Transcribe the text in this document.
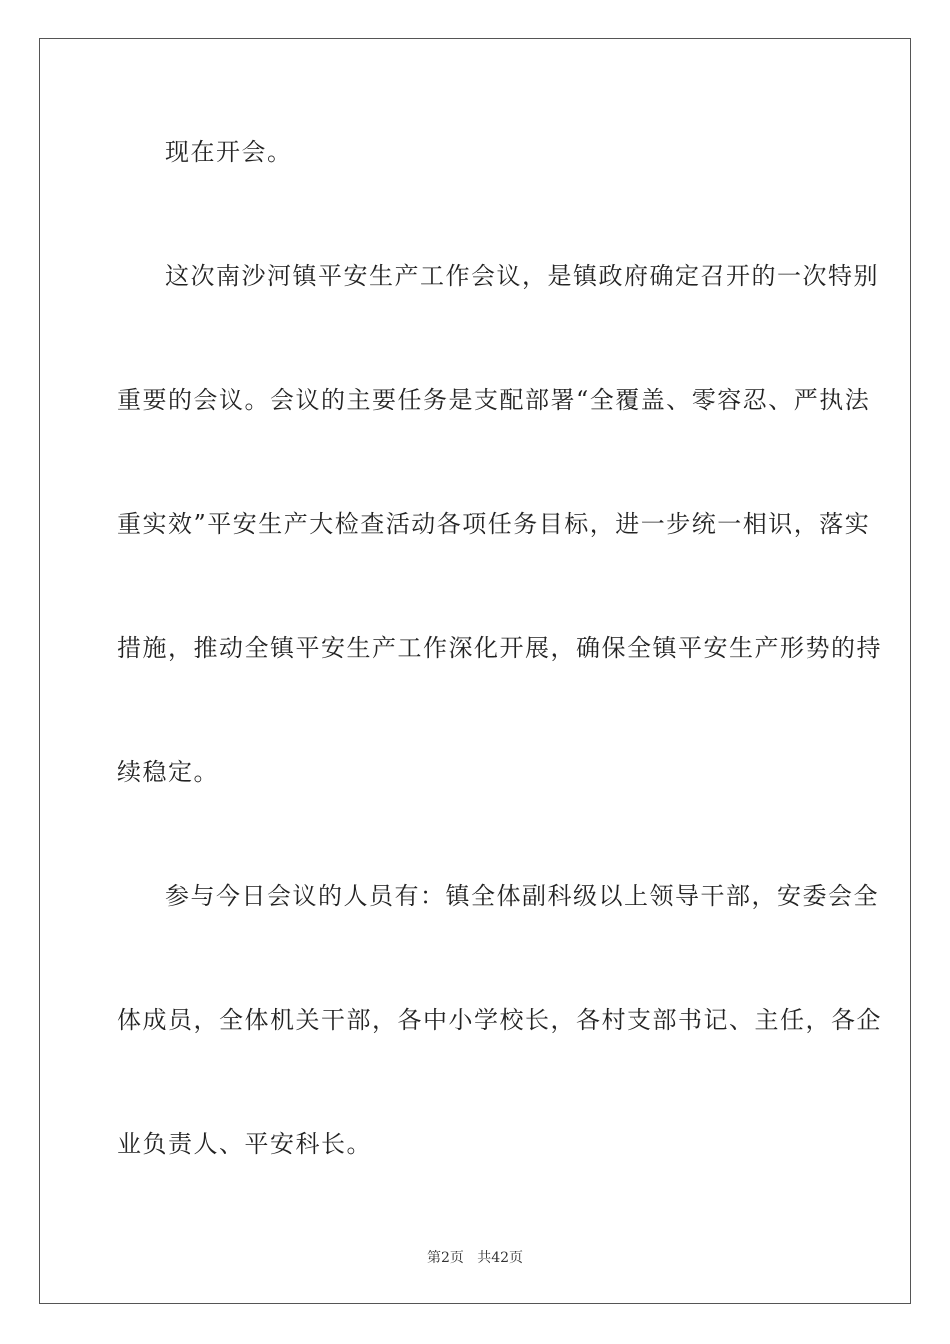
现在开会。
这次南沙河镇平安生产工作会议，是镇政府确定召开的一次特别
重要的会议。会议的主要任务是支配部署“全覆盖、零容忍、严执法
重实效”平安生产大检查活动各项任务目标，进一步统一相识，落实
措施，推动全镇平安生产工作深化开展，确保全镇平安生产形势的持
续稳定。
参与今日会议的人员有：镇全体副科级以上领导干部，安委会全
体成员，全体机关干部，各中小学校长，各村支部书记、主任，各企
业负责人、平安科长。
第2页   共42页
